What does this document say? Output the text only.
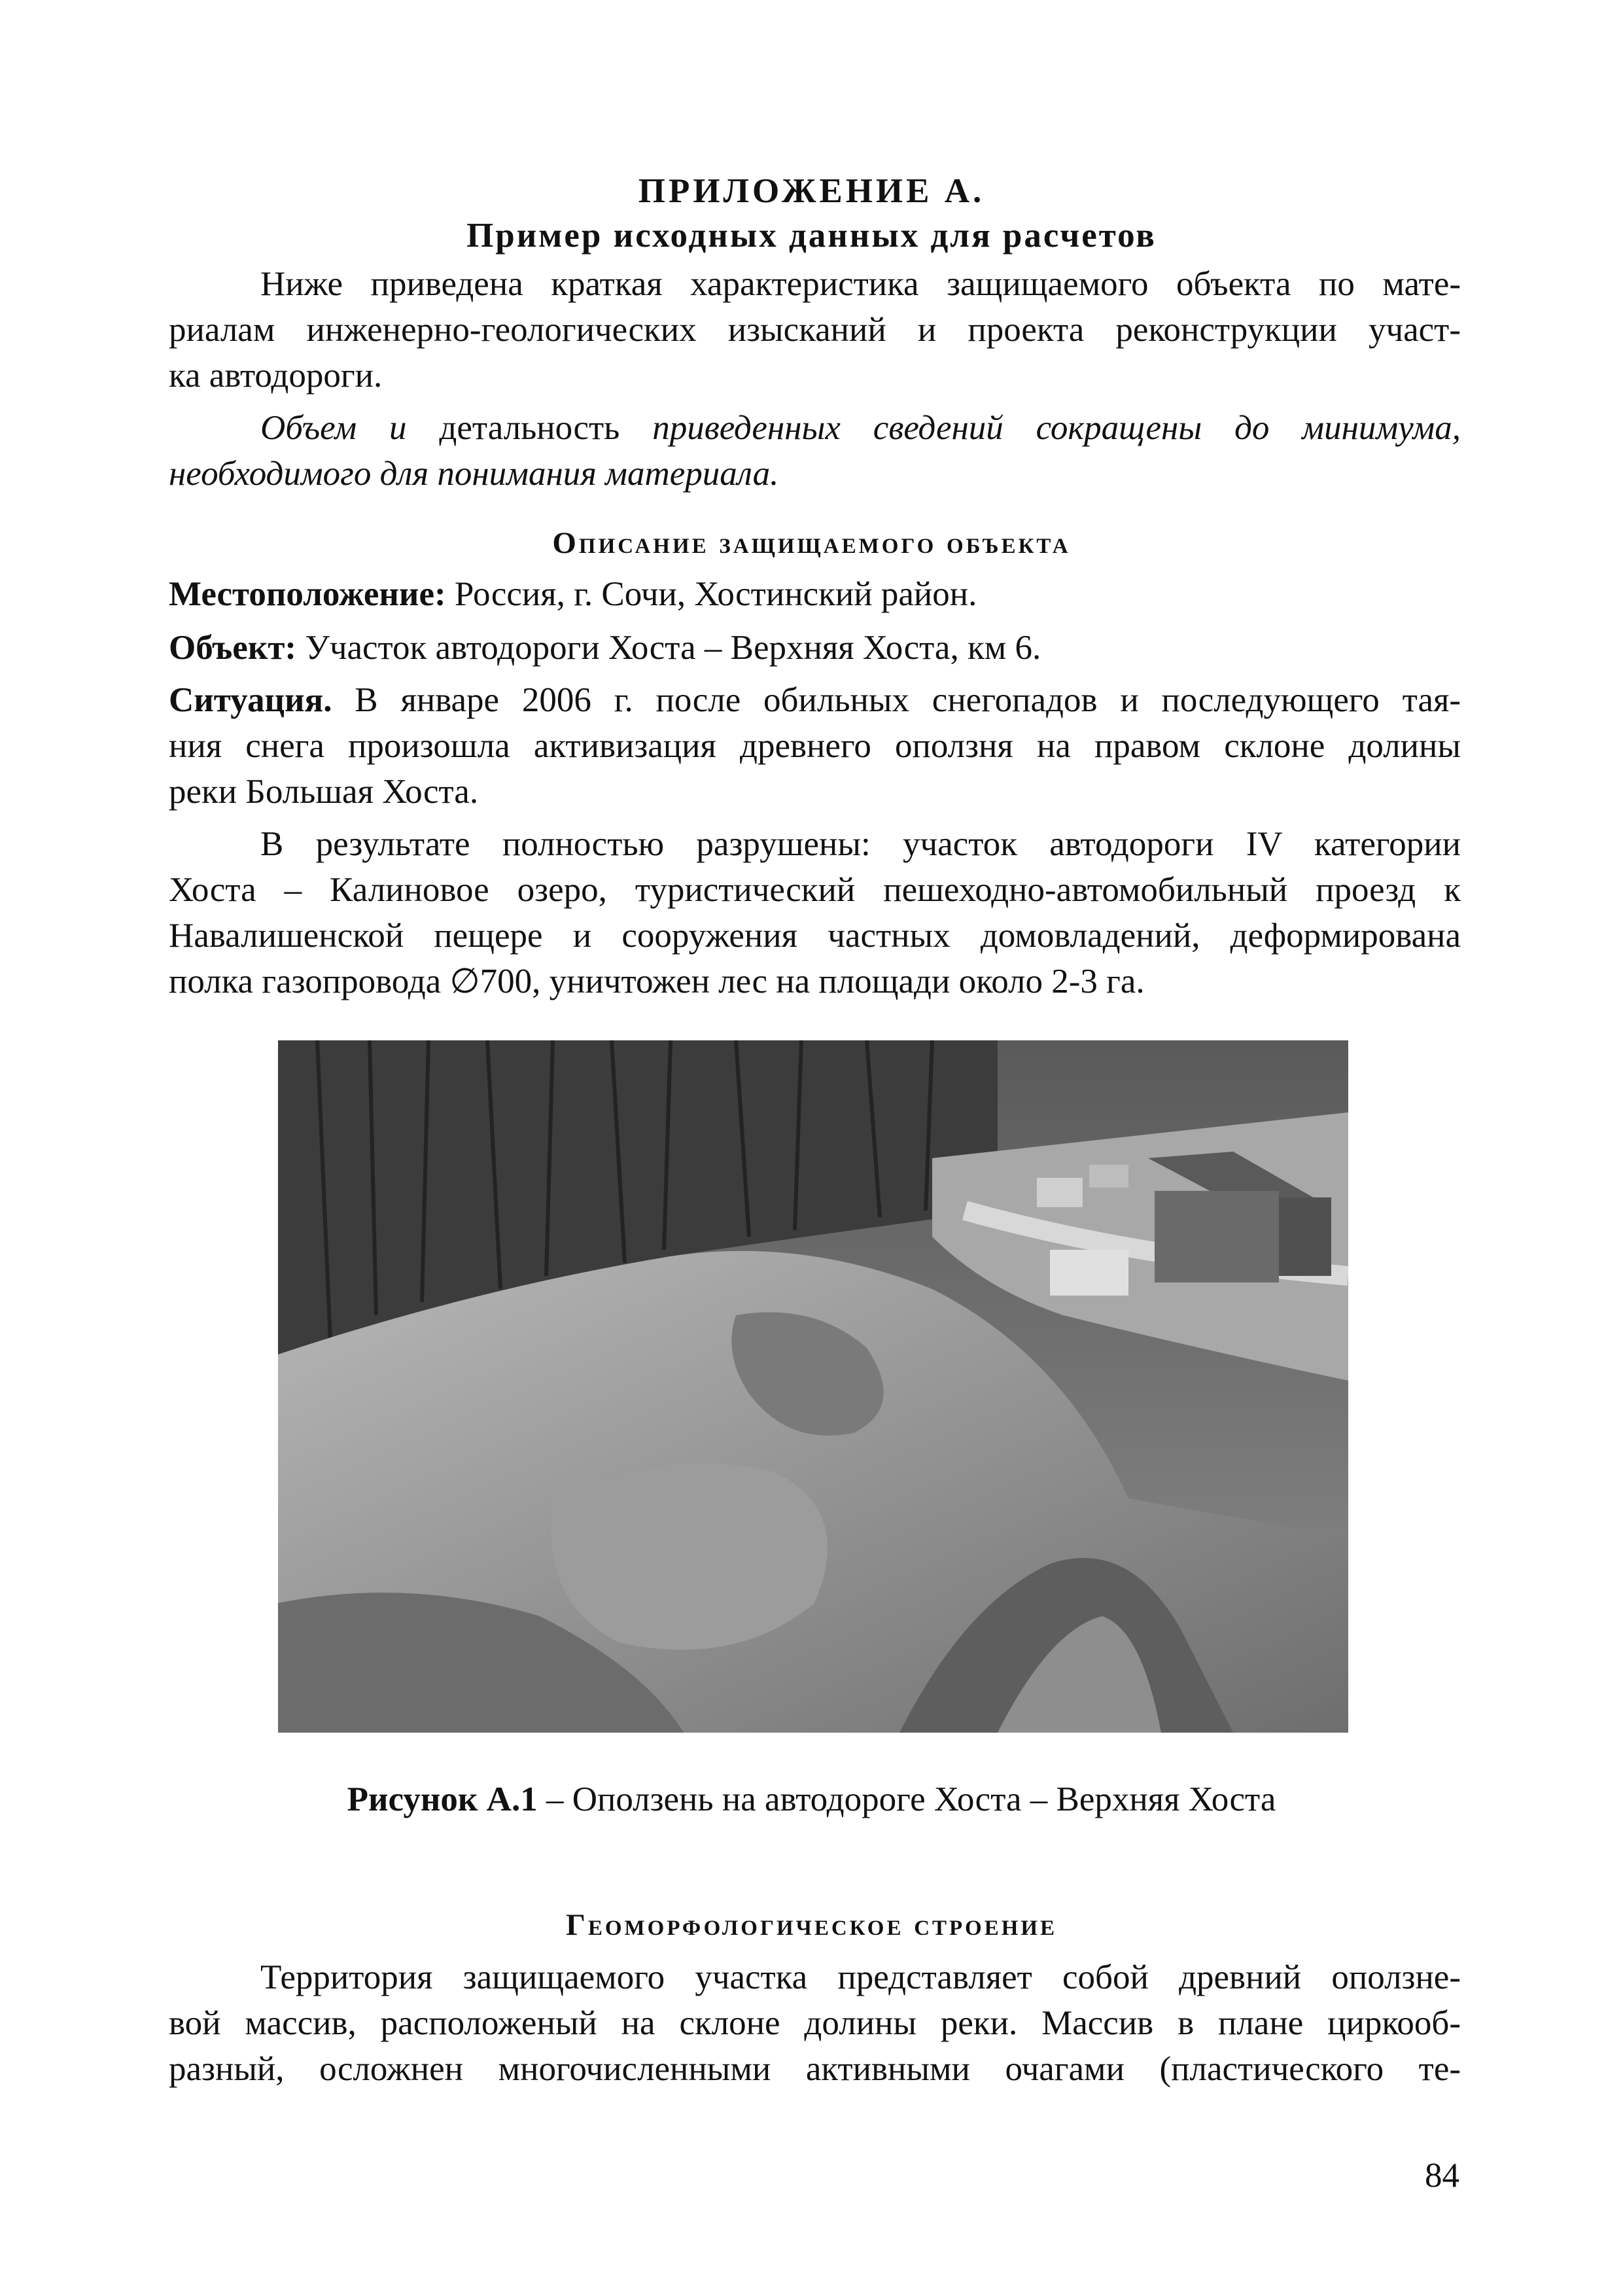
ПРИЛОЖЕНИЕ А.
Пример исходных данных для расчетов
Ниже приведена краткая характеристика защищаемого объекта по мате-
риалам инженерно-геологических изысканий и проекта реконструкции участ-
ка автодороги.
Объем и детальность приведенных сведений сокращены до минимума,
необходимого для понимания материала.
Описание защищаемого объекта
Местоположение: Россия, г. Сочи, Хостинский район.
Объект: Участок автодороги Хоста – Верхняя Хоста, км 6.
Ситуация. В январе 2006 г. после обильных снегопадов и последующего тая-
ния снега произошла активизация древнего оползня на правом склоне долины
реки Большая Хоста.
В результате полностью разрушены: участок автодороги IV категории
Хоста – Калиновое озеро, туристический пешеходно-автомобильный проезд к
Навалишенской пещере и сооружения частных домовладений, деформирована
полка газопровода ∅700, уничтожен лес на площади около 2-3 га.
Рисунок А.1 – Оползень на автодороге Хоста – Верхняя Хоста
Геоморфологическое строение
Территория защищаемого участка представляет собой древний оползне-
вой массив, расположеный на склоне долины реки. Массив в плане циркооб-
разный, осложнен многочисленными активными очагами (пластического те-
84
